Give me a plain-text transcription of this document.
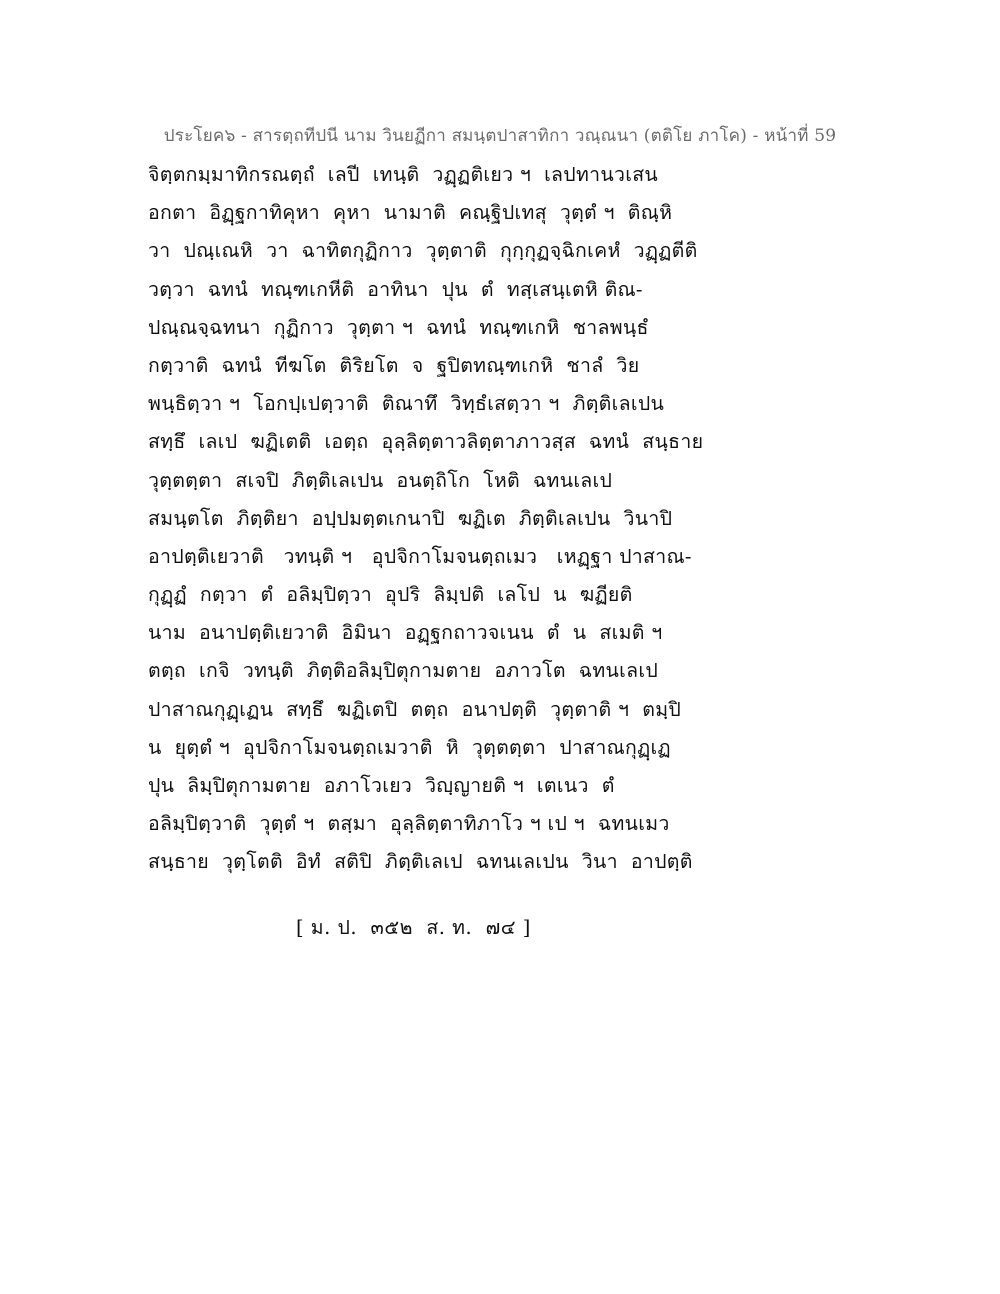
ประโยค๖ - สารตฺถทีปนี นาม วินยฏีกา สมนฺตปาสาทิกา วณฺณนา (ตติโย ภาโค) - หน้าที่ 59
จิตฺตกมฺมาทิกรณตฺถํ  เลปี  เทนฺติ  วฏฺฏติเยว ฯ  เลปทานวเสน
อกตา  อิฏฺฐกาทิคุหา  คุหา  นามาติ  คณฺฐิปเทสุ  วุตฺตํ ฯ  ติณฺหิ
วา  ปณฺเณหิ  วา  ฉาทิตกุฏิกาว  วุตฺตาติ  กุกฺกุฏจฺฉิกเคหํ  วฏฺฏตีติ
วตฺวา  ฉทนํ  ทณฺฑเกหีติ  อาทินา  ปุน  ตํ  ทสฺเสนฺเตหิ ติณ-
ปณฺณจฺฉทนา  กุฏิกาว  วุตฺตา ฯ  ฉทนํ  ทณฺฑเกหิ  ชาลพนฺธํ
กตฺวาติ  ฉทนํ  ทีฆโต  ติริยโต  จ  ฐปิตทณฺฑเกหิ  ชาลํ  วิย
พนฺธิตฺวา ฯ  โอกปฺเปตฺวาติ  ติณาทึ  วิทฺธํเสตฺวา ฯ  ภิตฺติเลเปน
สทฺธึ  เลเป  ฆฏิเตติ  เอตฺถ  อุลฺลิตฺตาวลิตฺตาภาวสฺส  ฉทนํ  สนฺธาย
วุตฺตตฺตา  สเจปิ  ภิตฺติเลเปน  อนตฺถิโก  โหติ  ฉทนเลเป
สมนฺตโต  ภิตฺติยา  อปฺปมตฺตเกนาปิ  ฆฏิเต  ภิตฺติเลเปน  วินาปิ
อาปตฺติเยวาติ   วทนฺติ ฯ   อุปจิกาโมจนตฺถเมว   เหฏฺฐา ปาสาณ-
กุฏฺฏํ  กตฺวา  ตํ  อลิมฺปิตฺวา  อุปริ  ลิมฺปติ  เลโป  น  ฆฏียติ
นาม  อนาปตฺติเยวาติ  อิมินา  อฏฺฐกถาวจเนน  ตํ  น  สเมติ ฯ
ตตฺถ  เกจิ  วทนฺติ  ภิตฺติอลิมฺปิตุกามตาย  อภาวโต  ฉทนเลเป
ปาสาณกุฏฺเฏน  สทฺธึ  ฆฏิเตปิ  ตตฺถ  อนาปตฺติ  วุตฺตาติ ฯ  ตมฺปิ
น  ยุตฺตํ ฯ  อุปจิกาโมจนตฺถเมวาติ  หิ  วุตฺตตฺตา  ปาสาณกุฏฺเฏ
ปุน  ลิมฺปิตุกามตาย  อภาโวเยว  วิญฺญายติ ฯ  เตเนว  ตํ
อลิมฺปิตฺวาติ  วุตฺตํ ฯ  ตสฺมา  อุลฺลิตฺตาทิภาโว ฯ เป ฯ  ฉทนเมว
สนฺธาย  วุตฺโตติ  อิทํ  สติปิ  ภิตฺติเลเป  ฉทนเลเปน  วินา  อาปตฺติ
[ ม. ป.  ๓๕๒  ส. ท.  ๗๔ ]
